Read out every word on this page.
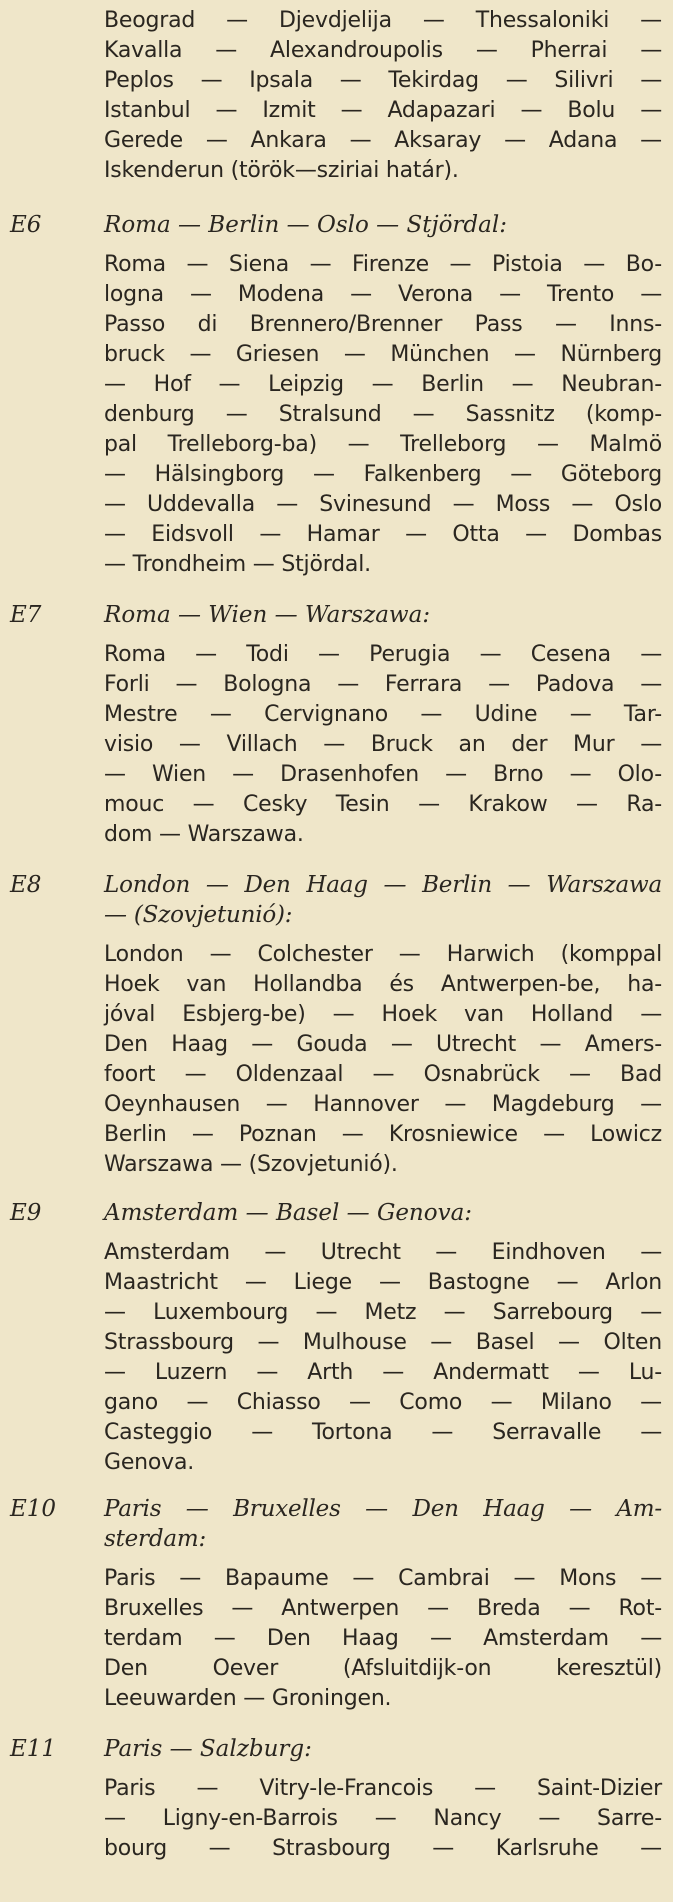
Beograd — Djevdjelija — Thessaloniki —
Kavalla — Alexandroupolis — Pherrai —
Peplos — Ipsala — Tekirdag — Silivri —
Istanbul — Izmit — Adapazari — Bolu —
Gerede — Ankara — Aksaray — Adana —
Iskenderun (török—sziriai határ).
E6	Roma — Berlin — Oslo — Stjördal:
Roma — Siena — Firenze — Pistoia — Bo-
logna — Modena — Verona — Trento —
Passo di Brennero/Brenner Pass — Inns-
bruck — Griesen — München — Nürnberg
— Hof — Leipzig — Berlin — Neubran-
denburg — Stralsund — Sassnitz (komp-
pal Trelleborg-ba) — Trelleborg — Malmö
— Hälsingborg — Falkenberg — Göteborg
— Uddevalla — Svinesund — Moss — Oslo
— Eidsvoll — Hamar — Otta — Dombas
— Trondheim — Stjördal.
E7	Roma — Wien — Warszawa:
Roma — Todi — Perugia — Cesena —
Forli — Bologna — Ferrara — Padova —
Mestre — Cervignano — Udine — Tar-
visio — Villach — Bruck an der Mur —
— Wien — Drasenhofen — Brno — Olo-
mouc — Cesky Tesin — Krakow — Ra-
dom — Warszawa.
E8	London — Den Haag — Berlin — Warszawa
— (Szovjetunió):
London — Colchester — Harwich (komppal
Hoek van Hollandba és Antwerpen-be, ha-
jóval Esbjerg-be) — Hoek van Holland —
Den Haag — Gouda — Utrecht — Amers-
foort — Oldenzaal — Osnabrück — Bad
Oeynhausen — Hannover — Magdeburg —
Berlin — Poznan — Krosniewice — Lowicz
Warszawa — (Szovjetunió).
E9	Amsterdam — Basel — Genova:
Amsterdam — Utrecht — Eindhoven —
Maastricht — Liege — Bastogne — Arlon
— Luxembourg — Metz — Sarrebourg —
Strassbourg — Mulhouse — Basel — Olten
— Luzern — Arth — Andermatt — Lu-
gano — Chiasso — Como — Milano —
Casteggio — Tortona — Serravalle —
Genova.
E10	Paris — Bruxelles — Den Haag — Am-
sterdam:
Paris — Bapaume — Cambrai — Mons —
Bruxelles — Antwerpen — Breda — Rot-
terdam — Den Haag — Amsterdam —
Den Oever (Afsluitdijk-on keresztül)
Leeuwarden — Groningen.
E11	Paris — Salzburg:
Paris — Vitry-le-Francois — Saint-Dizier
— Ligny-en-Barrois — Nancy — Sarre-
bourg — Strasbourg — Karlsruhe —
